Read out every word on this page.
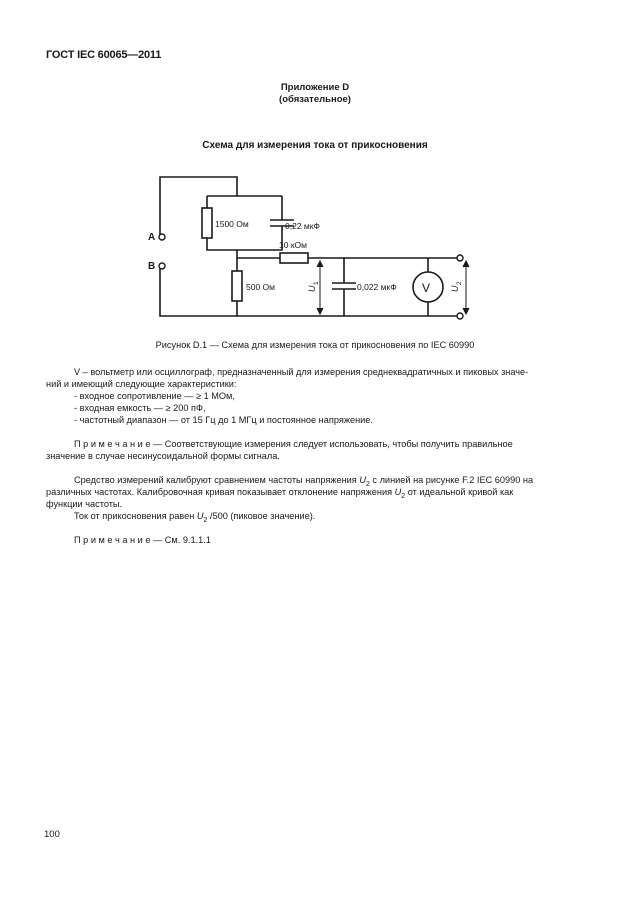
ГОСТ IEC 60065—2011
Приложение D
(обязательное)
Схема для измерения тока от прикосновения
A
B
1500 Ом	0,22 мкФ
10 кОм
500 Ом	0,022 мкФ V
U
1
U
2
Рисунок D.1 — Схема для измерения тока от прикосновения по IEC 60990
V – вольтметр или осциллограф, предназначенный для измерения среднеквадратичных и пиковых значе-
ний и имеющий следующие характеристики:
- входное сопротивление — ≥ 1 МОм,
- входная емкость — ≥ 200 пФ,
- частотный диапазон — от 15 Гц до 1 МГц и постоянное напряжение.
П р и м е ч а н и е — Соответствующие измерения следует использовать, чтобы получить правильное
значение в случае несинусоидальной формы сигнала.
Средство измерений калибруют сравнением частоты напряжения $U_2$ с линией на рисунке F.2 IEC 60990 на
различных частотах. Калибровочная кривая показывает отклонение напряжения $U_2$ от идеальной кривой как
функции частоты.
Ток от прикосновения равен $U_2$ /500 (пиковое значение).
П р и м е ч а н и е — См. 9.1.1.1
100
